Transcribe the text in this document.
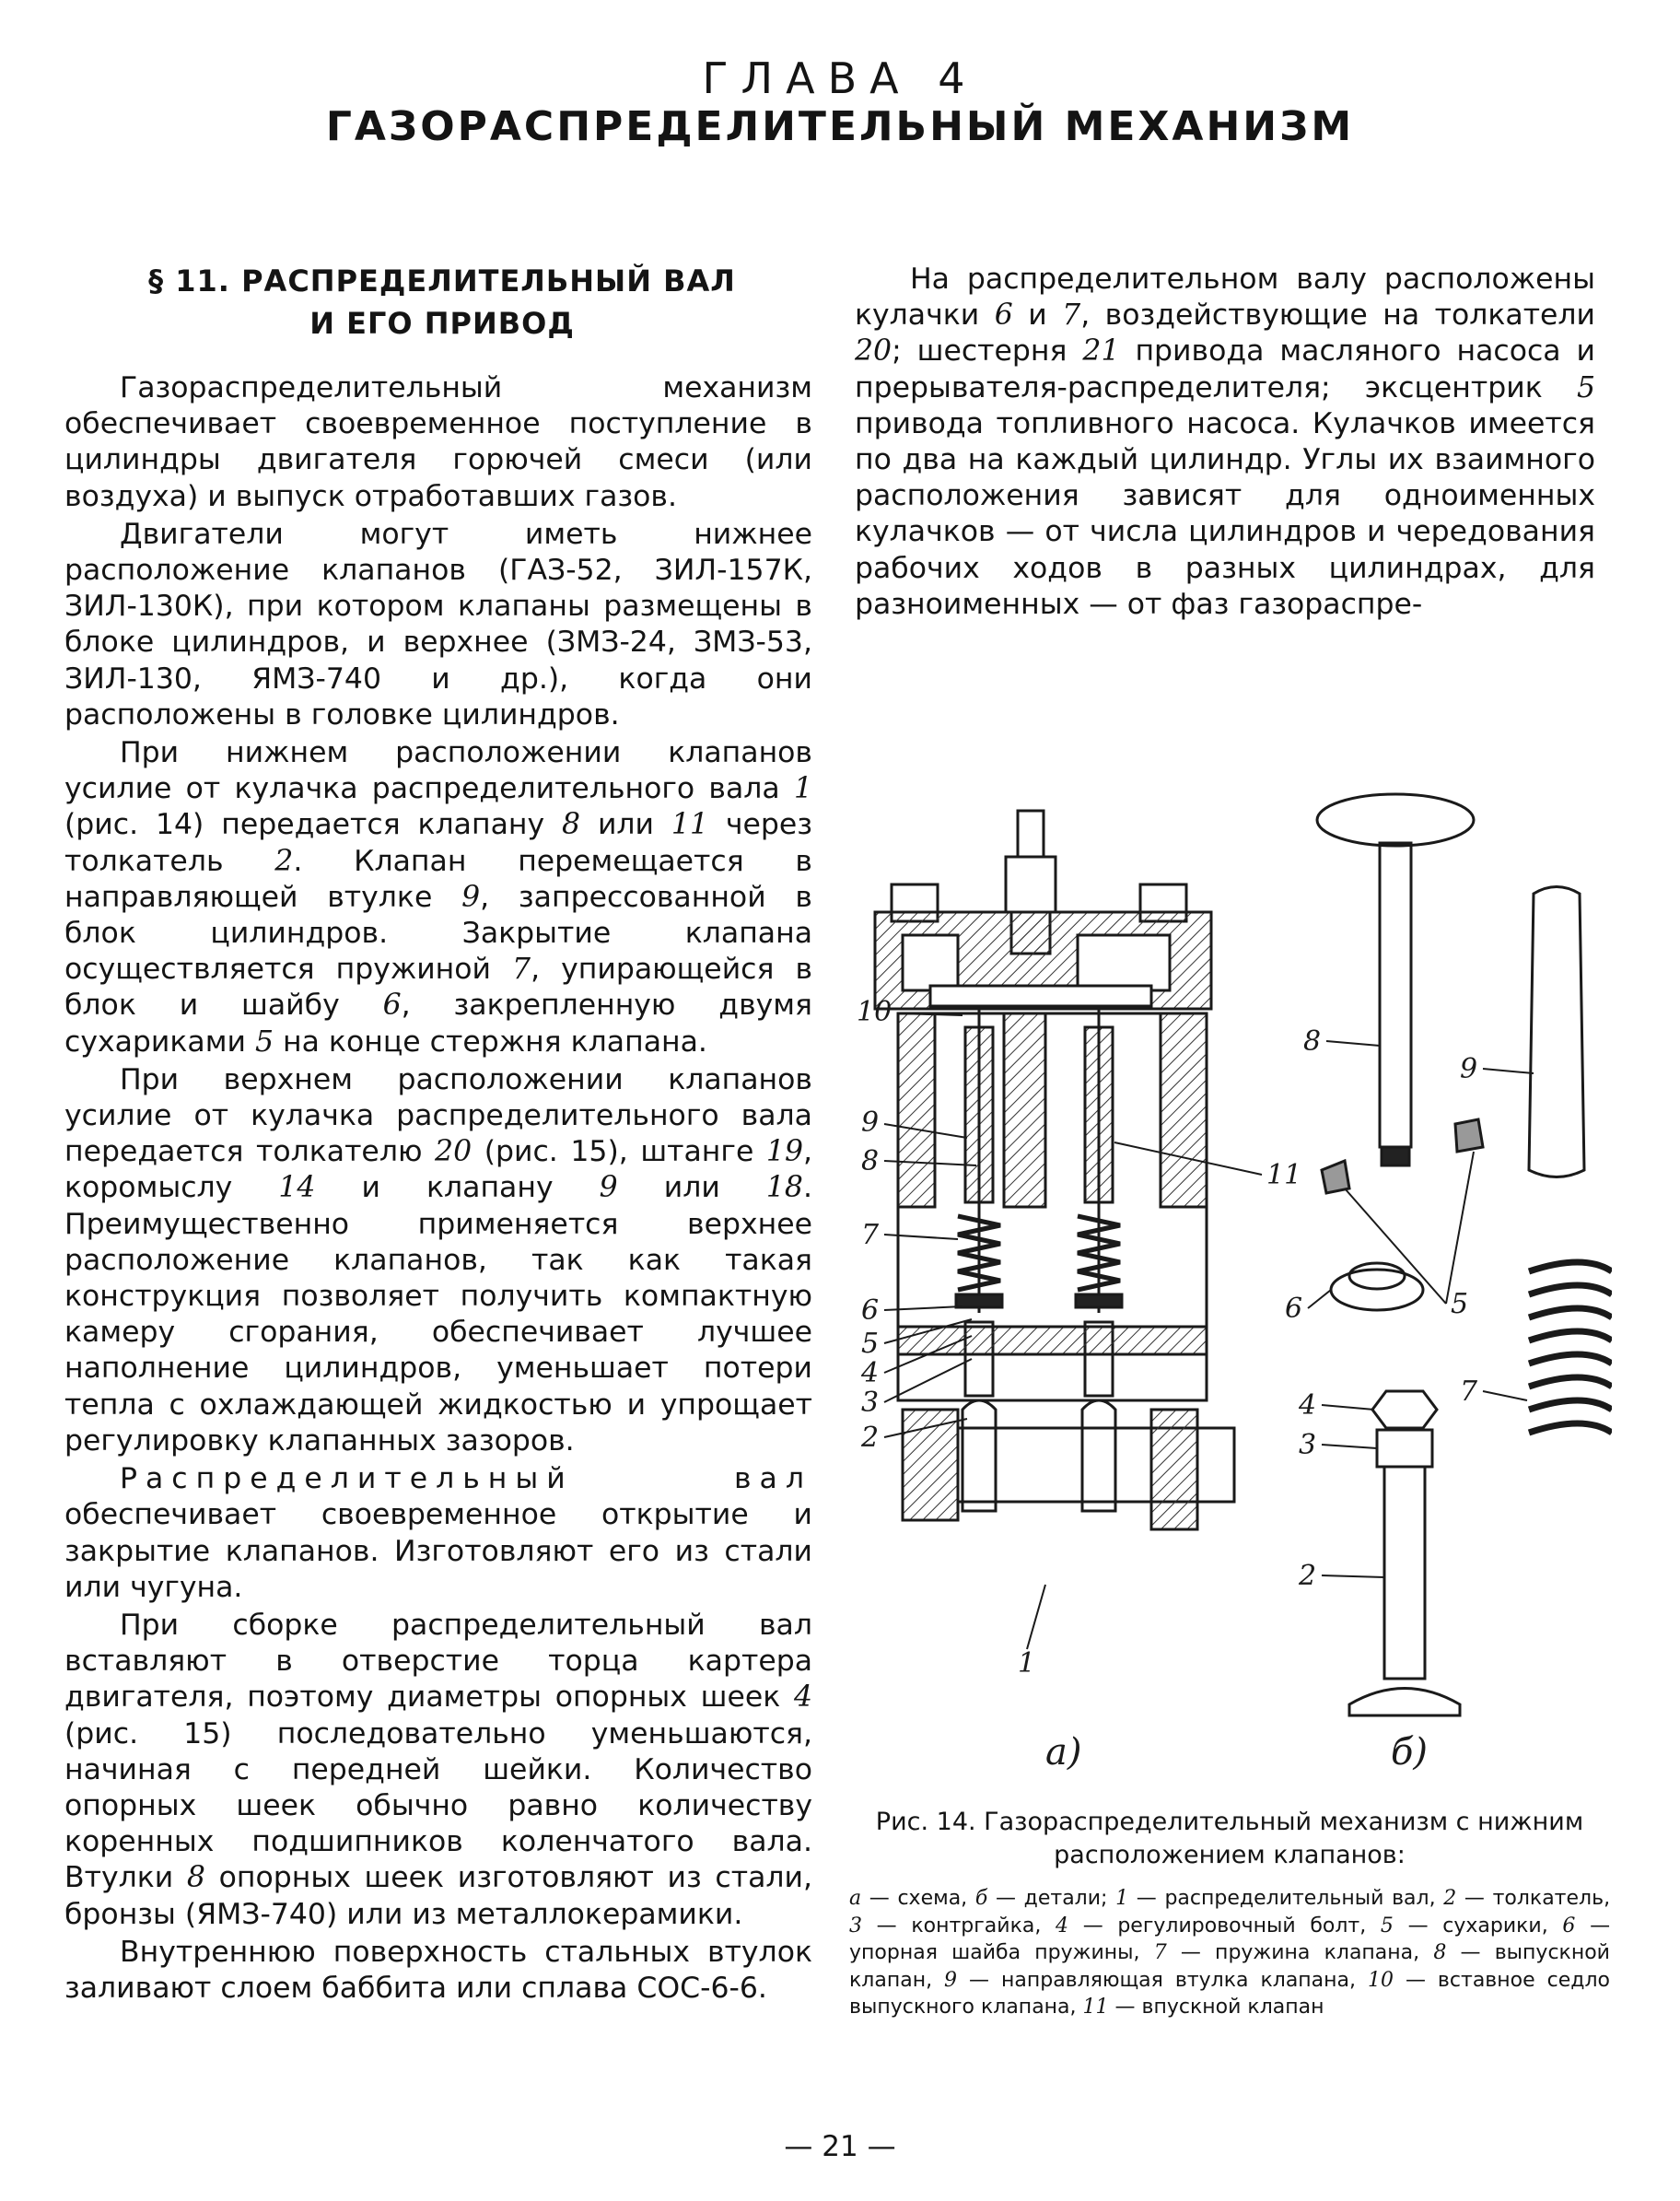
ГЛАВА 4
ГАЗОРАСПРЕДЕЛИТЕЛЬНЫЙ МЕХАНИЗМ
§ 11. РАСПРЕДЕЛИТЕЛЬНЫЙ ВАЛ
И ЕГО ПРИВОД

Газораспределительный механизм обеспечивает своевременное поступление в цилиндры двигателя горючей смеси (или воздуха) и выпуск отработавших газов.

Двигатели могут иметь нижнее расположение клапанов (ГАЗ-52, ЗИЛ-157К, ЗИЛ-130К), при котором клапаны размещены в блоке цилиндров, и верхнее (ЗМЗ-24, ЗМЗ-53, ЗИЛ-130, ЯМЗ-740 и др.), когда они расположены в головке цилиндров.

При нижнем расположении клапанов усилие от кулачка распределительного вала 1 (рис. 14) передается клапану 8 или 11 через толкатель 2. Клапан перемещается в направляющей втулке 9, запрессованной в блок цилиндров. Закрытие клапана осуществляется пружиной 7, упирающейся в блок и шайбу 6, закрепленную двумя сухариками 5 на конце стержня клапана.

При верхнем расположении клапанов усилие от кулачка распределительного вала передается толкателю 20 (рис. 15), штанге 19, коромыслу 14 и клапану 9 или 18. Преимущественно применяется верхнее расположение клапанов, так как такая конструкция позволяет получить компактную камеру сгорания, обеспечивает лучшее наполнение цилиндров, уменьшает потери тепла с охлаждающей жидкостью и упрощает регулировку клапанных зазоров.

Распределительный вал обеспечивает своевременное открытие и закрытие клапанов. Изготовляют его из стали или чугуна.

При сборке распределительный вал вставляют в отверстие торца картера двигателя, поэтому диаметры опорных шеек 4 (рис. 15) последовательно уменьшаются, начиная с передней шейки. Количество опорных шеек обычно равно количеству коренных подшипников коленчатого вала. Втулки 8 опорных шеек изготовляют из стали, бронзы (ЯМЗ-740) или из металлокерамики.

Внутреннюю поверхность стальных втулок заливают слоем баббита или сплава СОС-6-6.

На распределительном валу расположены кулачки 6 и 7, воздействующие на толкатели 20; шестерня 21 привода масляного насоса и прерывателя-распределителя; эксцентрик 5 привода топливного насоса. Кулачков имеется по два на каждый цилиндр. Углы их взаимного расположения зависят для одноименных кулачков — от числа цилиндров и чередования рабочих ходов в разных цилиндрах, для разноименных — от фаз газораспре-

10
9
8
7
6
5
4
3
2
1
11
8
9
5
6
7
4
3
2
а)	б)
Рис. 14. Газораспределительный механизм с нижним
расположением клапанов:
а — схема, б — детали; 1 — распределительный вал, 2 — толкатель, 3 — контргайка, 4 — регулировочный болт, 5 — сухарики, 6 — упорная шайба пружины, 7 — пружина клапана, 8 — выпускной клапан, 9 — направляющая втулка клапана, 10 — вставное седло выпускного клапана, 11 — впускной клапан
— 21 —
